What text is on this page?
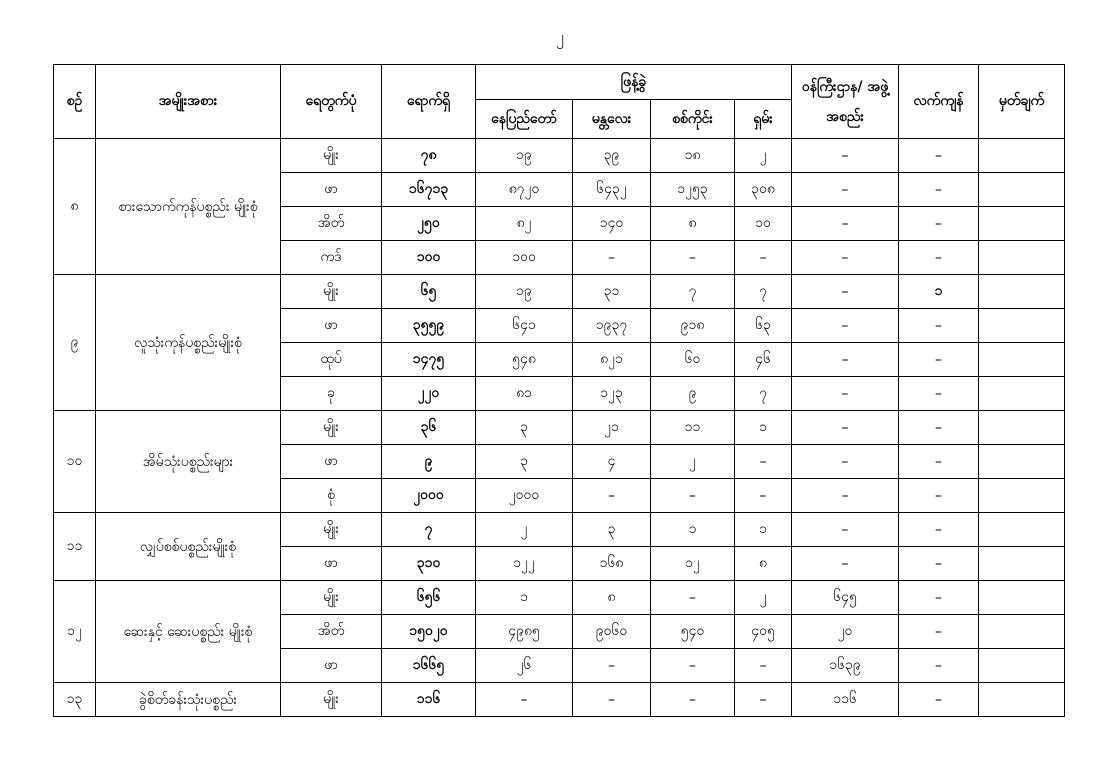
၂
စဉ်	အမျိုးအစား	ရေတွက်ပုံ	ရောက်ရှိ	ဖြန့်ခွဲ				ဝန်ကြီးဌာန/ အဖွဲ့အစည်း	လက်ကျန်	မှတ်ချက်
				နေပြည်တော်	မန္တလေး	စစ်ကိုင်း	ရှမ်း			
၈	စားသောက်ကုန်ပစ္စည်း မျိုးစုံ	မျိုး	၇၈	၁၉	၃၉	၁၈	၂	–	–	
		ဖာ	၁၆၇၁၃	၈၇၂၀	၆၄၃၂	၁၂၅၃	၃၀၈	–	–	
		အိတ်	၂၅၀	၈၂	၁၄၀	၈	၁၀	–	–	
		ကဒ်	၁၀၀	၁၀၀	–	–	–	–	–	
၉	လူသုံးကုန်ပစ္စည်းမျိုးစုံ	မျိုး	၆၅	၁၉	၃၁	၇	၇	–	၁	
		ဖာ	၃၅၅၉	၆၄၁	၁၉၃၇	၉၁၈	၆၃	–	–	
		ထုပ်	၁၄၇၅	၅၄၈	၈၂၁	၆၀	၄၆	–	–	
		ခု	၂၂၀	၈၁	၁၂၃	၉	၇	–	–	
၁၀	အိမ်သုံးပစ္စည်းများ	မျိုး	၃၆	၃	၂၁	၁၁	၁	–	–	
		ဖာ	၉	၃	၄	၂	–	–	–	
		စုံ	၂၀၀၀	၂၀၀၀	–	–	–	–	–	
၁၁	လျှပ်စစ်ပစ္စည်းမျိုးစုံ	မျိုး	၇	၂	၃	၁	၁	–	–	
		ဖာ	၃၁၀	၁၂၂	၁၆၈	၁၂	၈	–	–	
၁၂	ဆေးနှင့် ဆေးပစ္စည်း မျိုးစုံ	မျိုး	၆၅၆	၁	၈	–	၂	၆၄၅	–	
		အိတ်	၁၅၀၂၀	၄၉၈၅	၉၀၆၀	၅၄၀	၄၀၅	၂၀	–	
		ဖာ	၁၆၆၅	၂၆	–	–	–	၁၆၃၉	–	
၁၃	ခွဲစိတ်ခန်းသုံးပစ္စည်း	မျိုး	၁၁၆	–	–	–	–	၁၁၆	–	
